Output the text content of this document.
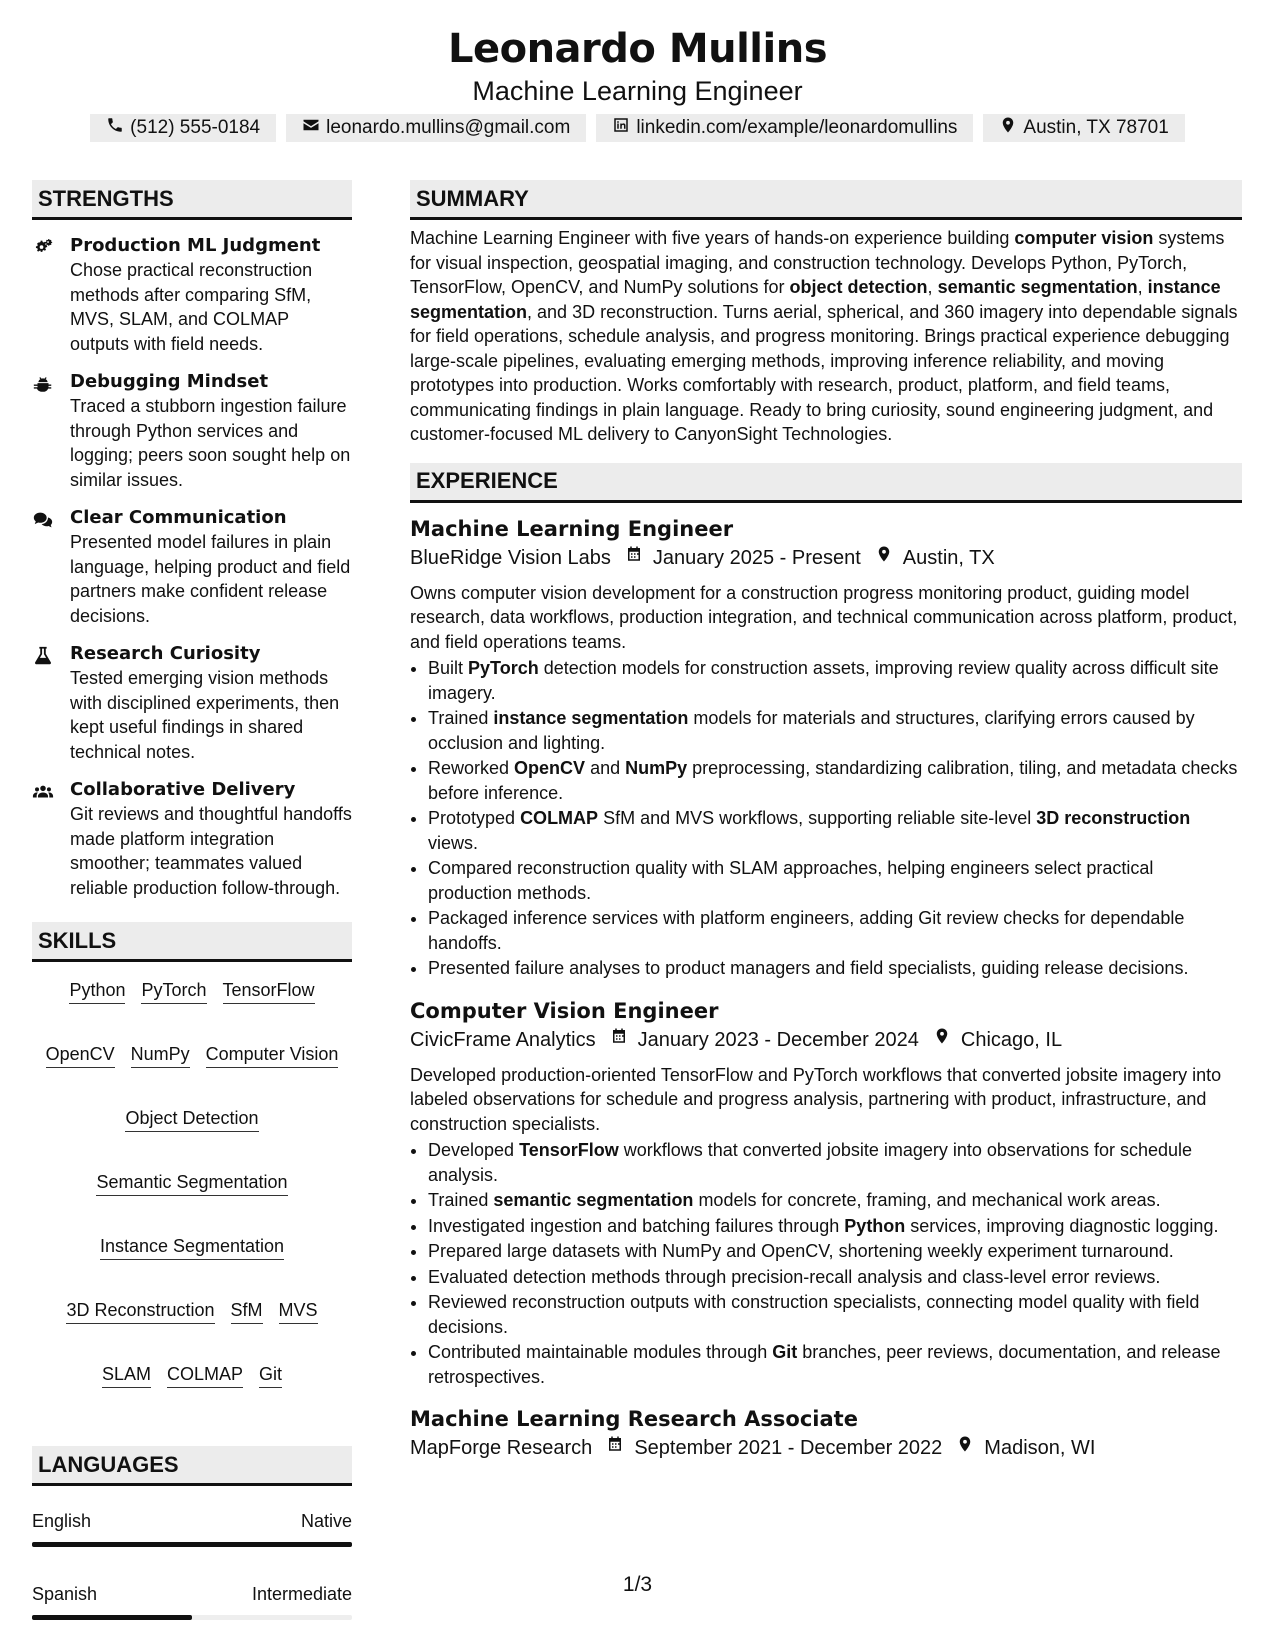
Leonardo Mullins
Machine Learning Engineer
(512) 555-0184	leonardo.mullins@gmail.com	linkedin.com/example/leonardomullins	Austin, TX 78701
STRENGTHS
Production ML Judgment
Chose practical reconstruction methods after comparing SfM, MVS, SLAM, and COLMAP outputs with field needs.
Debugging Mindset
Traced a stubborn ingestion failure through Python services and logging; peers soon sought help on similar issues.
Clear Communication
Presented model failures in plain language, helping product and field partners make confident release decisions.
Research Curiosity
Tested emerging vision methods with disciplined experiments, then kept useful findings in shared technical notes.
Collaborative Delivery
Git reviews and thoughtful handoffs made platform integration smoother; teammates valued reliable production follow-through.
SKILLS
Python PyTorch TensorFlow
OpenCV NumPy Computer Vision
Object Detection
Semantic Segmentation
Instance Segmentation
3D Reconstruction SfM MVS
SLAM COLMAP Git
LANGUAGES
English	Native
Spanish	Intermediate
SUMMARY
Machine Learning Engineer with five years of hands-on experience building computer vision systems for visual inspection, geospatial imaging, and construction technology. Develops Python, PyTorch, TensorFlow, OpenCV, and NumPy solutions for object detection, semantic segmentation, instance segmentation, and 3D reconstruction. Turns aerial, spherical, and 360 imagery into dependable signals for field operations, schedule analysis, and progress monitoring. Brings practical experience debugging large-scale pipelines, evaluating emerging methods, improving inference reliability, and moving prototypes into production. Works comfortably with research, product, platform, and field teams, communicating findings in plain language. Ready to bring curiosity, sound engineering judgment, and customer-focused ML delivery to CanyonSight Technologies.
EXPERIENCE
Machine Learning Engineer
BlueRidge Vision Labs January 2025 - Present Austin, TX
Owns computer vision development for a construction progress monitoring product, guiding model research, data workflows, production integration, and technical communication across platform, product, and field operations teams.
• Built PyTorch detection models for construction assets, improving review quality across difficult site imagery.
• Trained instance segmentation models for materials and structures, clarifying errors caused by occlusion and lighting.
• Reworked OpenCV and NumPy preprocessing, standardizing calibration, tiling, and metadata checks before inference.
• Prototyped COLMAP SfM and MVS workflows, supporting reliable site-level 3D reconstruction views.
• Compared reconstruction quality with SLAM approaches, helping engineers select practical production methods.
• Packaged inference services with platform engineers, adding Git review checks for dependable handoffs.
• Presented failure analyses to product managers and field specialists, guiding release decisions.
Computer Vision Engineer
CivicFrame Analytics January 2023 - December 2024 Chicago, IL
Developed production-oriented TensorFlow and PyTorch workflows that converted jobsite imagery into labeled observations for schedule and progress analysis, partnering with product, infrastructure, and construction specialists.
• Developed TensorFlow workflows that converted jobsite imagery into observations for schedule analysis.
• Trained semantic segmentation models for concrete, framing, and mechanical work areas.
• Investigated ingestion and batching failures through Python services, improving diagnostic logging.
• Prepared large datasets with NumPy and OpenCV, shortening weekly experiment turnaround.
• Evaluated detection methods through precision-recall analysis and class-level error reviews.
• Reviewed reconstruction outputs with construction specialists, connecting model quality with field decisions.
• Contributed maintainable modules through Git branches, peer reviews, documentation, and release retrospectives.
Machine Learning Research Associate
MapForge Research September 2021 - December 2022 Madison, WI
1/3
